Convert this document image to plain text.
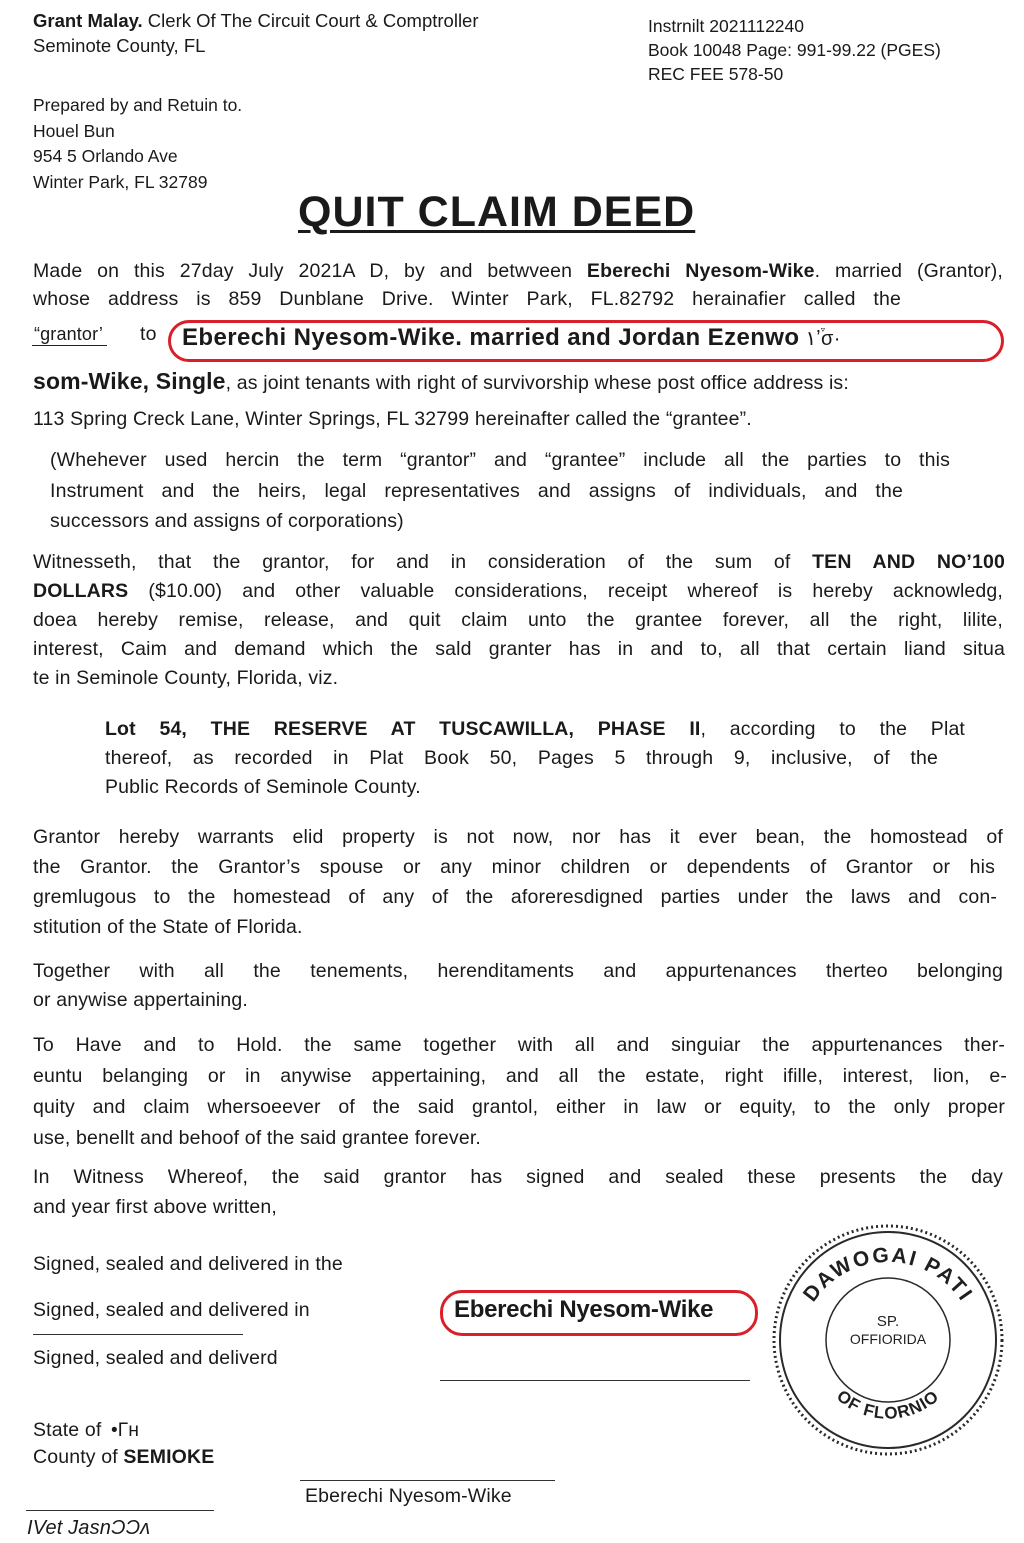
Grant Malay. Clerk Of The Circuit Court & Comptroller
Seminote County, FL
Instrnilt 2021112240
Book 10048 Page: 991-99.22 (PGES)
REC FEE 578-50
Prepared by and Retuin to.
Houel Bun
954 5 Orlando Ave
Winter Park, FL 32789
QUIT CLAIM DEED
Made on this 27day July 2021A D, by and betwveen Eberechi Nyesom-Wike. married (Grantor),
whose address is 859 Dunblane Drive. Winter Park, FL.82792 herainafier called the
“grantor’ to Eberechi Nyesom-Wike. married and Jordan Ezenwo ١ʼ֒σ·
som-Wike, Single, as joint tenants with right of survivorship whese post office address is:
113 Spring Creck Lane, Winter Springs, FL 32799 hereinafter called the “grantee”.
(Whehever used hercin the term “grantor” and “grantee” include all the parties to this
Instrument and the heirs, legal representatives and assigns of individuals, and the
successors and assigns of corporations)
Witnesseth, that the grantor, for and in consideration of the sum of TEN AND NO’100
DOLLARS ($10.00) and other valuable considerations, receipt whereof is hereby acknowledg,
doea hereby remise, release, and quit claim unto the grantee forever, all the right, lilite,
interest, Caim and demand which the sald granter has in and to, all that certain liand situa
te in Seminole County, Florida, viz.
Lot 54, THE RESERVE AT TUSCAWILLA, PHASE II, according to the Plat
thereof, as recorded in Plat Book 50, Pages 5 through 9, inclusive, of the
Public Records of Seminole County.
Grantor hereby warrants elid property is not now, nor has it ever bean, the homostead of
the Grantor. the Grantor’s spouse or any minor children or dependents of Grantor or his
gremlugous to the homestead of any of the aforeresdigned parties under the laws and con-
stitution of the State of Florida.
Together with all the tenements, herenditaments and appurtenances therteo belonging
or anywise appertaining.
To Have and to Hold. the same together with all and singuiar the appurtenances ther-
euntu belanging or in anywise appertaining, and all the estate, right ifille, interest, lion, e-
quity and claim whersoeever of the said grantol, either in law or equity, to the only proper
use, benellt and behoof of the said grantee forever.
In Witness Whereof, the said grantor has signed and sealed these presents the day
and year first above written,
Signed, sealed and delivered in the
Signed, sealed and delivered in
Signed, sealed and deliverd
Eberechi Nyesom-Wike
DAWOGAI PATI
OF FLORNIO
SP.
OFFIORIDA
State of •Γʜ
County of SEMIOKE
Eberechi Nyesom-Wike
IVet JasnƆƆʌ
